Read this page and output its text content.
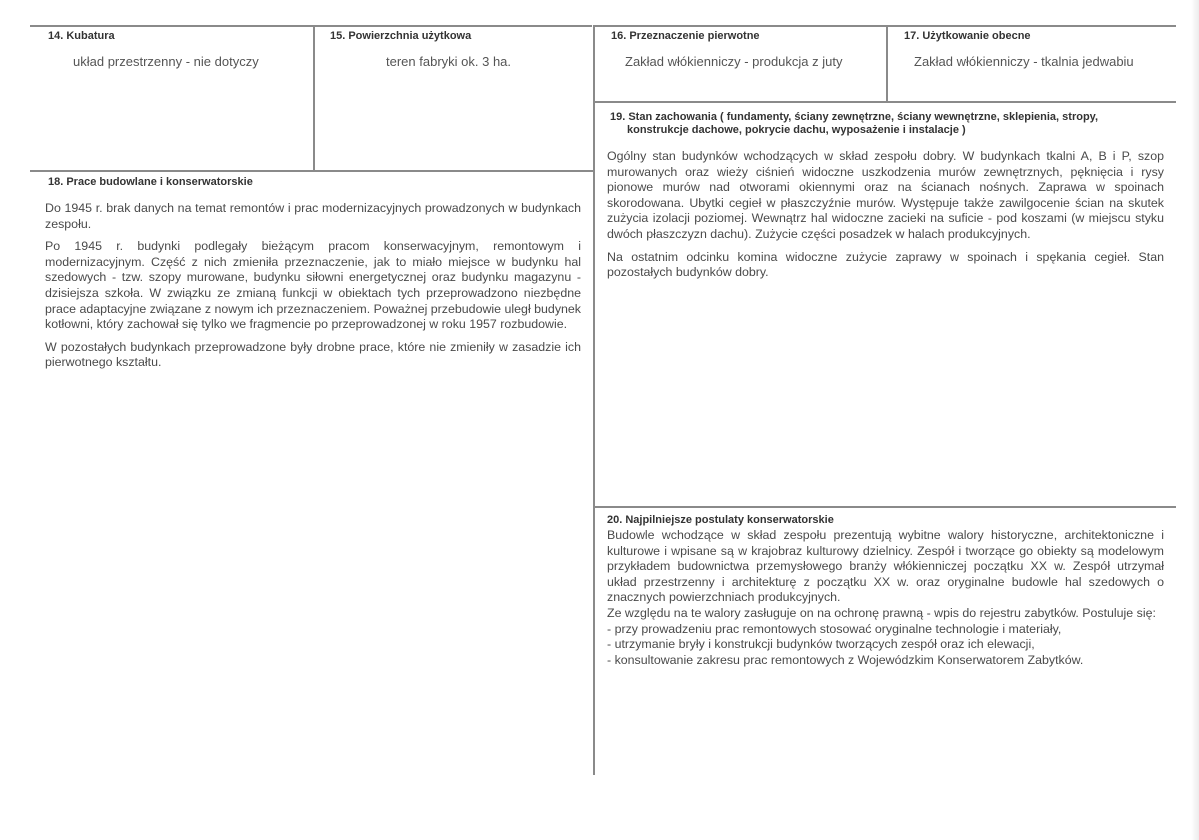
14. Kubatura
układ przestrzenny - nie dotyczy
15. Powierzchnia użytkowa
teren fabryki ok. 3 ha.
16. Przeznaczenie pierwotne
Zakład włókienniczy - produkcja z juty
17. Użytkowanie obecne
Zakład włókienniczy - tkalnia jedwabiu
18. Prace budowlane i konserwatorskie

Do 1945 r. brak danych na temat remontów i prac modernizacyjnych prowadzonych w budynkach zespołu.

Po 1945 r. budynki podlegały bieżącym pracom konserwacyjnym, remontowym i modernizacyjnym. Część z nich zmieniła przeznaczenie, jak to miało miejsce w budynku hal szedowych - tzw. szopy murowane, budynku siłowni energetycznej oraz budynku magazynu - dzisiejsza szkoła. W związku ze zmianą funkcji w obiektach tych przeprowadzono niezbędne prace adaptacyjne związane z nowym ich przeznaczeniem. Poważnej przebudowie uległ budynek kotłowni, który zachował się tylko we fragmencie po przeprowadzonej w roku 1957 rozbudowie.

W pozostałych budynkach przeprowadzone były drobne prace, które nie zmieniły w zasadzie ich pierwotnego kształtu.

19. Stan zachowania ( fundamenty, ściany zewnętrzne, ściany wewnętrzne, sklepienia, stropy,
konstrukcje dachowe, pokrycie dachu, wyposażenie i instalacje )

Ogólny stan budynków wchodzących w skład zespołu dobry. W budynkach tkalni A, B i P, szop murowanych oraz wieży ciśnień widoczne uszkodzenia murów zewnętrznych, pęknięcia i rysy pionowe murów nad otworami okiennymi oraz na ścianach nośnych. Zaprawa w spoinach skorodowana. Ubytki cegieł w płaszczyźnie murów. Występuje także zawilgocenie ścian na skutek zużycia izolacji poziomej. Wewnątrz hal widoczne zacieki na suficie - pod koszami (w miejscu styku dwóch płaszczyzn dachu). Zużycie części posadzek w halach produkcyjnych.

Na ostatnim odcinku komina widoczne zużycie zaprawy w spoinach i spękania cegieł. Stan pozostałych budynków dobry.

20. Najpilniejsze postulaty konserwatorskie

Budowle wchodzące w skład zespołu prezentują wybitne walory historyczne, architektoniczne i kulturowe i wpisane są w krajobraz kulturowy dzielnicy. Zespół i tworzące go obiekty są modelowym przykładem budownictwa przemysłowego branży włókienniczej początku XX w. Zespół utrzymał układ przestrzenny i architekturę z początku XX w. oraz oryginalne budowle hal szedowych o znacznych powierzchniach produkcyjnych.

Ze względu na te walory zasługuje on na ochronę prawną - wpis do rejestru zabytków. Postuluje się:

- przy prowadzeniu prac remontowych stosować oryginalne technologie i materiały,
- utrzymanie bryły i konstrukcji budynków tworzących zespół oraz ich elewacji,
- konsultowanie zakresu prac remontowych z Wojewódzkim Konserwatorem Zabytków.
